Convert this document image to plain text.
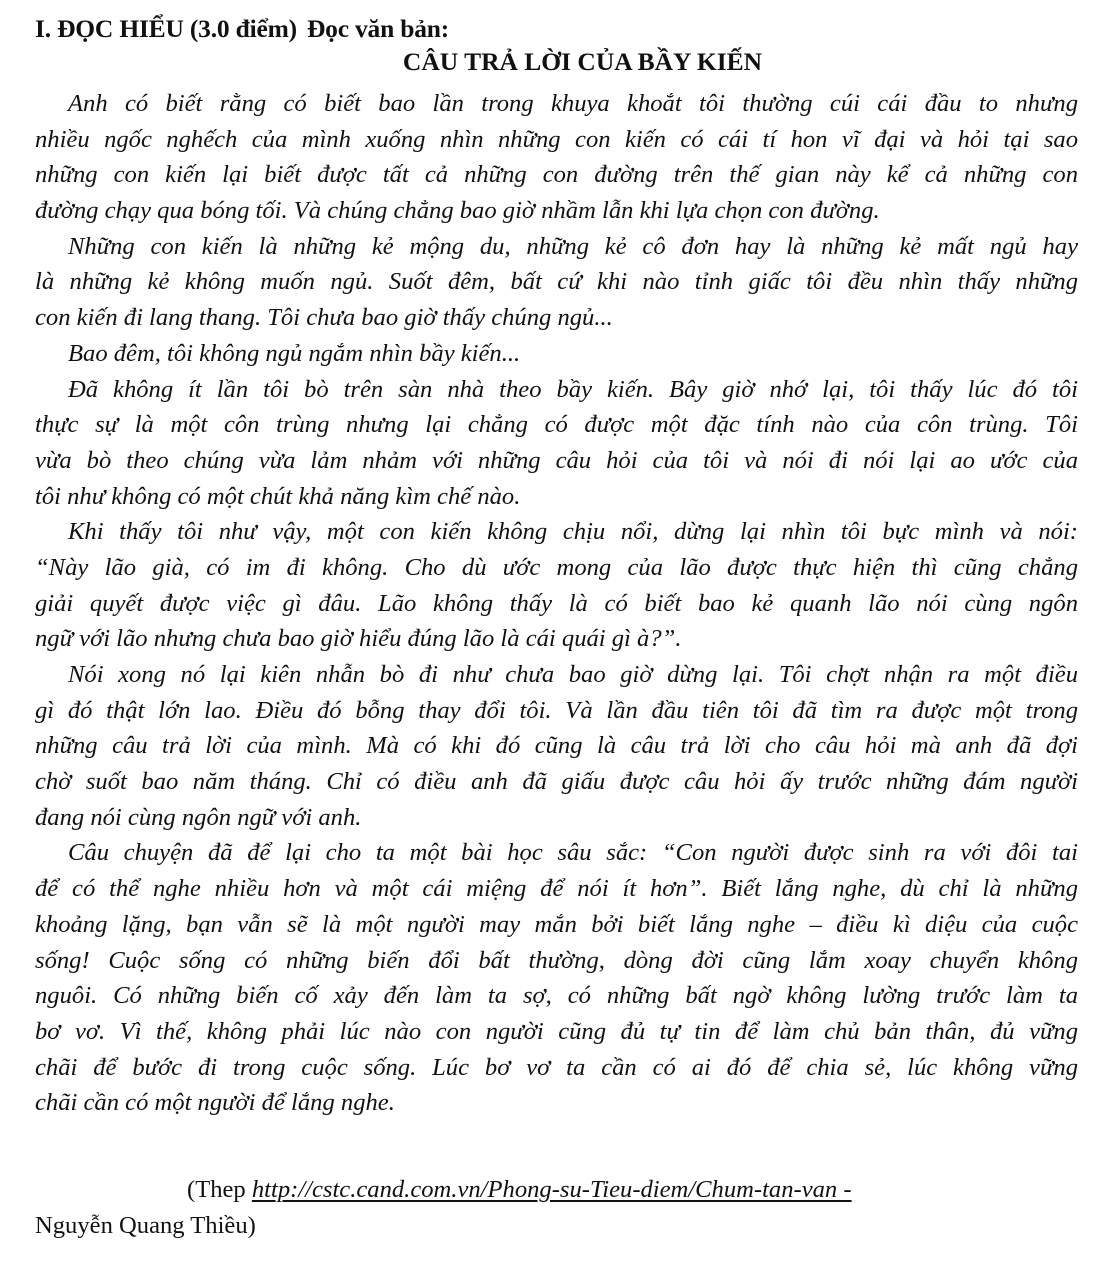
I. ĐỌC HIỂU (3.0 điểm) Đọc văn bản:
CÂU TRẢ LỜI CỦA BẦY KIẾN
Anh có biết rằng có biết bao lần trong khuya khoắt tôi thường cúi cái đầu to nhưng
nhiều ngốc nghếch của mình xuống nhìn những con kiến có cái tí hon vĩ đại và hỏi tại sao
những con kiến lại biết được tất cả những con đường trên thế gian này kể cả những con
đường chạy qua bóng tối. Và chúng chẳng bao giờ nhầm lẫn khi lựa chọn con đường.
Những con kiến là những kẻ mộng du, những kẻ cô đơn hay là những kẻ mất ngủ hay
là những kẻ không muốn ngủ. Suốt đêm, bất cứ khi nào tỉnh giấc tôi đều nhìn thấy những
con kiến đi lang thang. Tôi chưa bao giờ thấy chúng ngủ...
Bao đêm, tôi không ngủ ngắm nhìn bầy kiến...
Đã không ít lần tôi bò trên sàn nhà theo bầy kiến. Bây giờ nhớ lại, tôi thấy lúc đó tôi
thực sự là một côn trùng nhưng lại chẳng có được một đặc tính nào của côn trùng. Tôi
vừa bò theo chúng vừa lảm nhảm với những câu hỏi của tôi và nói đi nói lại ao ước của
tôi như không có một chút khả năng kìm chế nào.
Khi thấy tôi như vậy, một con kiến không chịu nổi, dừng lại nhìn tôi bực mình và nói:
“Này lão già, có im đi không. Cho dù ước mong của lão được thực hiện thì cũng chẳng
giải quyết được việc gì đâu. Lão không thấy là có biết bao kẻ quanh lão nói cùng ngôn
ngữ với lão nhưng chưa bao giờ hiểu đúng lão là cái quái gì à?”.
Nói xong nó lại kiên nhẫn bò đi như chưa bao giờ dừng lại. Tôi chợt nhận ra một điều
gì đó thật lớn lao. Điều đó bỗng thay đổi tôi. Và lần đầu tiên tôi đã tìm ra được một trong
những câu trả lời của mình. Mà có khi đó cũng là câu trả lời cho câu hỏi mà anh đã đợi
chờ suốt bao năm tháng. Chỉ có điều anh đã giấu được câu hỏi ấy trước những đám người
đang nói cùng ngôn ngữ với anh.
Câu chuyện đã để lại cho ta một bài học sâu sắc: “Con người được sinh ra với đôi tai
để có thể nghe nhiều hơn và một cái miệng để nói ít hơn”. Biết lắng nghe, dù chỉ là những
khoảng lặng, bạn vẫn sẽ là một người may mắn bởi biết lắng nghe – điều kì diệu của cuộc
sống! Cuộc sống có những biến đổi bất thường, dòng đời cũng lắm xoay chuyển không
nguôi. Có những biến cố xảy đến làm ta sợ, có những bất ngờ không lường trước làm ta
bơ vơ. Vì thế, không phải lúc nào con người cũng đủ tự tin để làm chủ bản thân, đủ vững
chãi để bước đi trong cuộc sống. Lúc bơ vơ ta cần có ai đó để chia sẻ, lúc không vững
chãi cần có một người để lắng nghe.
(Thep http://cstc.cand.com.vn/Phong-su-Tieu-diem/Chum-tan-van -
Nguyễn Quang Thiều)
